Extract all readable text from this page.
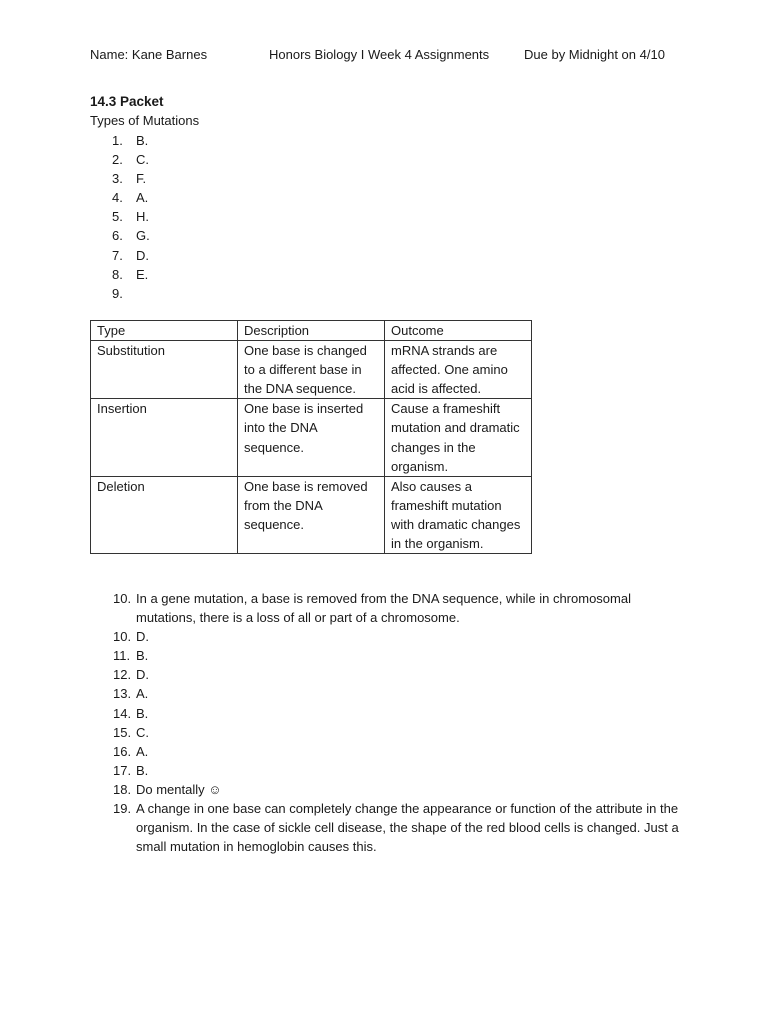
Name: Kane Barnes	Honors Biology I Week 4 Assignments	Due by Midnight on 4/10
14.3 Packet
Types of Mutations
1.	B.
2.	C.
3.	F.
4.	A.
5.	H.
6.	G.
7.	D.
8.	E.
9.
Type	Description	Outcome
Substitution	One base is changed to a different base in the DNA sequence.	mRNA strands are affected. One amino acid is affected.
Insertion	One base is inserted into the DNA sequence.	Cause a frameshift mutation and dramatic changes in the organism.
Deletion	One base is removed from the DNA sequence.	Also causes a frameshift mutation with dramatic changes in the organism.
10. In a gene mutation, a base is removed from the DNA sequence, while in chromosomal mutations, there is a loss of all or part of a chromosome.
10. D.
11. B.
12. D.
13. A.
14. B.
15. C.
16. A.
17. B.
18. Do mentally ☺
19. A change in one base can completely change the appearance or function of the attribute in the organism. In the case of sickle cell disease, the shape of the red blood cells is changed. Just a small mutation in hemoglobin causes this.
